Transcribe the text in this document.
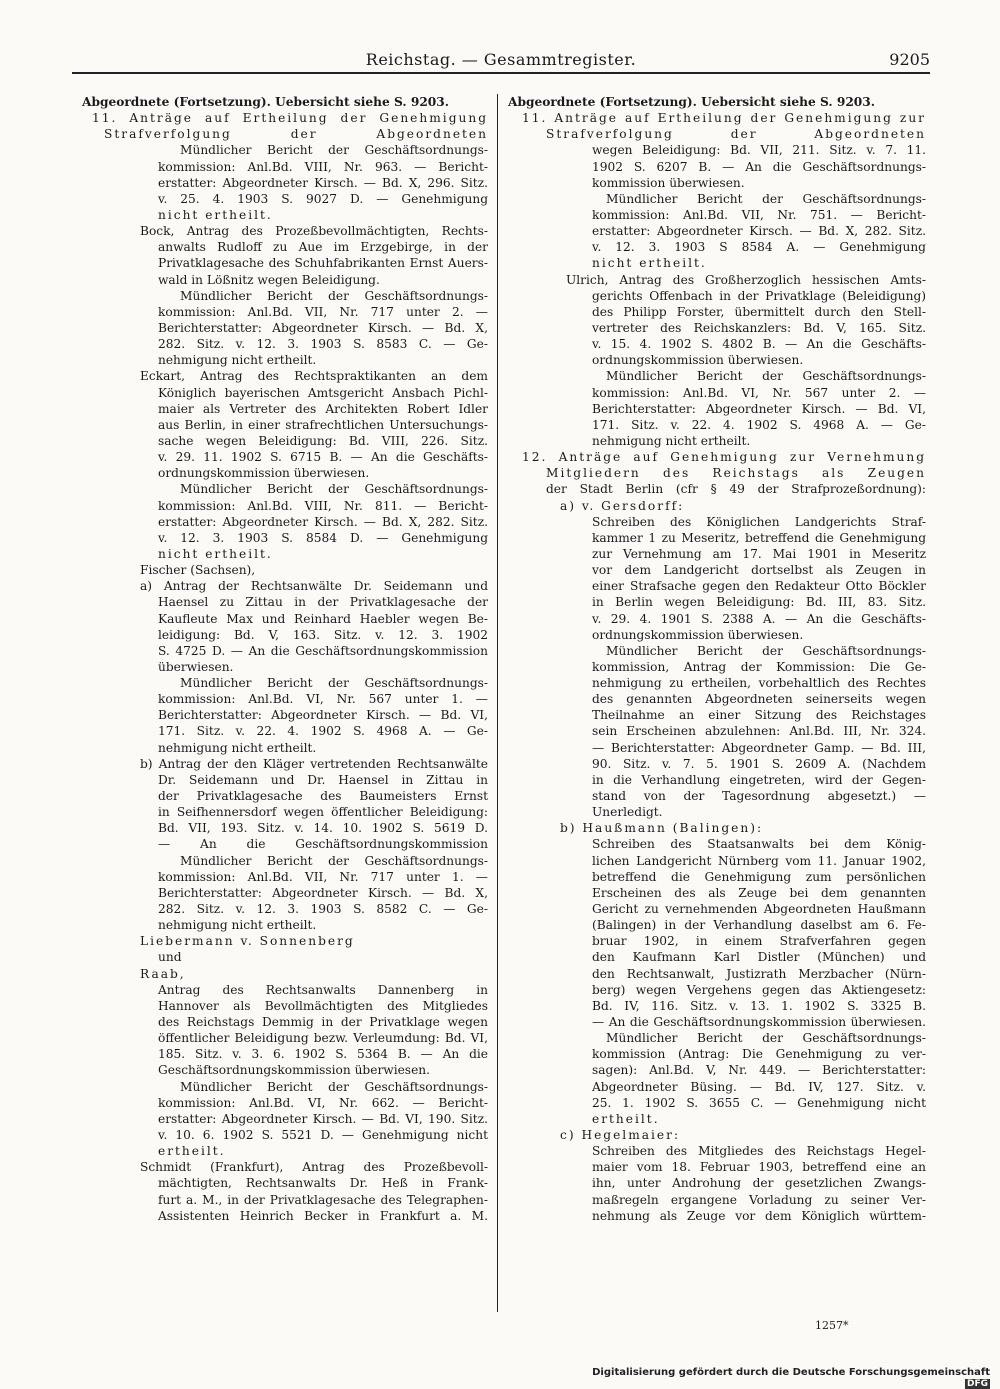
Reichstag. — Gesammtregister.	9205
Abgeordnete (Fortsetzung). Uebersicht siehe S. 9203.
11. Anträge auf Ertheilung der Genehmigung
Strafverfolgung der Abgeordneten
Mündlicher Bericht der Geschäftsordnungs-
kommission: Anl.Bd. VIII, Nr. 963. — Bericht-
erstatter: Abgeordneter Kirsch. — Bd. X, 296. Sitz.
v. 25. 4. 1903 S. 9027 D. — Genehmigung
nicht ertheilt.
Bock, Antrag des Prozeßbevollmächtigten, Rechts-
anwalts Rudloff zu Aue im Erzgebirge, in der
Privatklagesache des Schuhfabrikanten Ernst Auers-
wald in Lößnitz wegen Beleidigung.
Mündlicher Bericht der Geschäftsordnungs-
kommission: Anl.Bd. VII, Nr. 717 unter 2. —
Berichterstatter: Abgeordneter Kirsch. — Bd. X,
282. Sitz. v. 12. 3. 1903 S. 8583 C. — Ge-
nehmigung nicht ertheilt.
Eckart, Antrag des Rechtspraktikanten an dem
Königlich bayerischen Amtsgericht Ansbach Pichl-
maier als Vertreter des Architekten Robert Idler
aus Berlin, in einer strafrechtlichen Untersuchungs-
sache wegen Beleidigung: Bd. VIII, 226. Sitz.
v. 29. 11. 1902 S. 6715 B. — An die Geschäfts-
ordnungskommission überwiesen.
Mündlicher Bericht der Geschäftsordnungs-
kommission: Anl.Bd. VIII, Nr. 811. — Bericht-
erstatter: Abgeordneter Kirsch. — Bd. X, 282. Sitz.
v. 12. 3. 1903 S. 8584 D. — Genehmigung
nicht ertheilt.
Fischer (Sachsen),
a) Antrag der Rechtsanwälte Dr. Seidemann und
Haensel zu Zittau in der Privatklagesache der
Kaufleute Max und Reinhard Haebler wegen Be-
leidigung: Bd. V, 163. Sitz. v. 12. 3. 1902
S. 4725 D. — An die Geschäftsordnungskommission
überwiesen.
Mündlicher Bericht der Geschäftsordnungs-
kommission: Anl.Bd. VI, Nr. 567 unter 1. —
Berichterstatter: Abgeordneter Kirsch. — Bd. VI,
171. Sitz. v. 22. 4. 1902 S. 4968 A. — Ge-
nehmigung nicht ertheilt.
b) Antrag der den Kläger vertretenden Rechtsanwälte
Dr. Seidemann und Dr. Haensel in Zittau in
der Privatklagesache des Baumeisters Ernst
in Seifhennersdorf wegen öffentlicher Beleidigung:
Bd. VII, 193. Sitz. v. 14. 10. 1902 S. 5619 D.
— An die Geschäftsordnungskommission
Mündlicher Bericht der Geschäftsordnungs-
kommission: Anl.Bd. VII, Nr. 717 unter 1. —
Berichterstatter: Abgeordneter Kirsch. — Bd. X,
282. Sitz. v. 12. 3. 1903 S. 8582 C. — Ge-
nehmigung nicht ertheilt.
Liebermann v. Sonnenberg
und
Raab,
Antrag des Rechtsanwalts Dannenberg in
Hannover als Bevollmächtigten des Mitgliedes
des Reichstags Demmig in der Privatklage wegen
öffentlicher Beleidigung bezw. Verleumdung: Bd. VI,
185. Sitz. v. 3. 6. 1902 S. 5364 B. — An die
Geschäftsordnungskommission überwiesen.
Mündlicher Bericht der Geschäftsordnungs-
kommission: Anl.Bd. VI, Nr. 662. — Bericht-
erstatter: Abgeordneter Kirsch. — Bd. VI, 190. Sitz.
v. 10. 6. 1902 S. 5521 D. — Genehmigung nicht
ertheilt.
Schmidt (Frankfurt), Antrag des Prozeßbevoll-
mächtigten, Rechtsanwalts Dr. Heß in Frank-
furt a. M., in der Privatklagesache des Telegraphen-
Assistenten Heinrich Becker in Frankfurt a. M.
Abgeordnete (Fortsetzung). Uebersicht siehe S. 9203.
11. Anträge auf Ertheilung der Genehmigung zur
Strafverfolgung der Abgeordneten
wegen Beleidigung: Bd. VII, 211. Sitz. v. 7. 11.
1902 S. 6207 B. — An die Geschäftsordnungs-
kommission überwiesen.
Mündlicher Bericht der Geschäftsordnungs-
kommission: Anl.Bd. VII, Nr. 751. — Bericht-
erstatter: Abgeordneter Kirsch. — Bd. X, 282. Sitz.
v. 12. 3. 1903 S 8584 A. — Genehmigung
nicht ertheilt.
Ulrich, Antrag des Großherzoglich hessischen Amts-
gerichts Offenbach in der Privatklage (Beleidigung)
des Philipp Forster, übermittelt durch den Stell-
vertreter des Reichskanzlers: Bd. V, 165. Sitz.
v. 15. 4. 1902 S. 4802 B. — An die Geschäfts-
ordnungskommission überwiesen.
Mündlicher Bericht der Geschäftsordnungs-
kommission: Anl.Bd. VI, Nr. 567 unter 2. —
Berichterstatter: Abgeordneter Kirsch. — Bd. VI,
171. Sitz. v. 22. 4. 1902 S. 4968 A. — Ge-
nehmigung nicht ertheilt.
12. Anträge auf Genehmigung zur Vernehmung
Mitgliedern des Reichstags als Zeugen
der Stadt Berlin (cfr § 49 der Strafprozeßordnung):
a) v. Gersdorff:
Schreiben des Königlichen Landgerichts Straf-
kammer 1 zu Meseritz, betreffend die Genehmigung
zur Vernehmung am 17. Mai 1901 in Meseritz
vor dem Landgericht dortselbst als Zeugen in
einer Strafsache gegen den Redakteur Otto Böckler
in Berlin wegen Beleidigung: Bd. III, 83. Sitz.
v. 29. 4. 1901 S. 2388 A. — An die Geschäfts-
ordnungskommission überwiesen.
Mündlicher Bericht der Geschäftsordnungs-
kommission, Antrag der Kommission: Die Ge-
nehmigung zu ertheilen, vorbehaltlich des Rechtes
des genannten Abgeordneten seinerseits wegen
Theilnahme an einer Sitzung des Reichstages
sein Erscheinen abzulehnen: Anl.Bd. III, Nr. 324.
— Berichterstatter: Abgeordneter Gamp. — Bd. III,
90. Sitz. v. 7. 5. 1901 S. 2609 A. (Nachdem
in die Verhandlung eingetreten, wird der Gegen-
stand von der Tagesordnung abgesetzt.) —
Unerledigt.
b) Haußmann (Balingen):
Schreiben des Staatsanwalts bei dem König-
lichen Landgericht Nürnberg vom 11. Januar 1902,
betreffend die Genehmigung zum persönlichen
Erscheinen des als Zeuge bei dem genannten
Gericht zu vernehmenden Abgeordneten Haußmann
(Balingen) in der Verhandlung daselbst am 6. Fe-
bruar 1902, in einem Strafverfahren gegen
den Kaufmann Karl Distler (München) und
den Rechtsanwalt, Justizrath Merzbacher (Nürn-
berg) wegen Vergehens gegen das Aktiengesetz:
Bd. IV, 116. Sitz. v. 13. 1. 1902 S. 3325 B.
— An die Geschäftsordnungskommission überwiesen.
Mündlicher Bericht der Geschäftsordnungs-
kommission (Antrag: Die Genehmigung zu ver-
sagen): Anl.Bd. V, Nr. 449. — Berichterstatter:
Abgeordneter Büsing. — Bd. IV, 127. Sitz. v.
25. 1. 1902 S. 3655 C. — Genehmigung nicht
ertheilt.
c) Hegelmaier:
Schreiben des Mitgliedes des Reichstags Hegel-
maier vom 18. Februar 1903, betreffend eine an
ihn, unter Androhung der gesetzlichen Zwangs-
maßregeln ergangene Vorladung zu seiner Ver-
nehmung als Zeuge vor dem Königlich württem-
1257*
Digitalisierung gefördert durch die Deutsche Forschungsgemeinschaft DFG
